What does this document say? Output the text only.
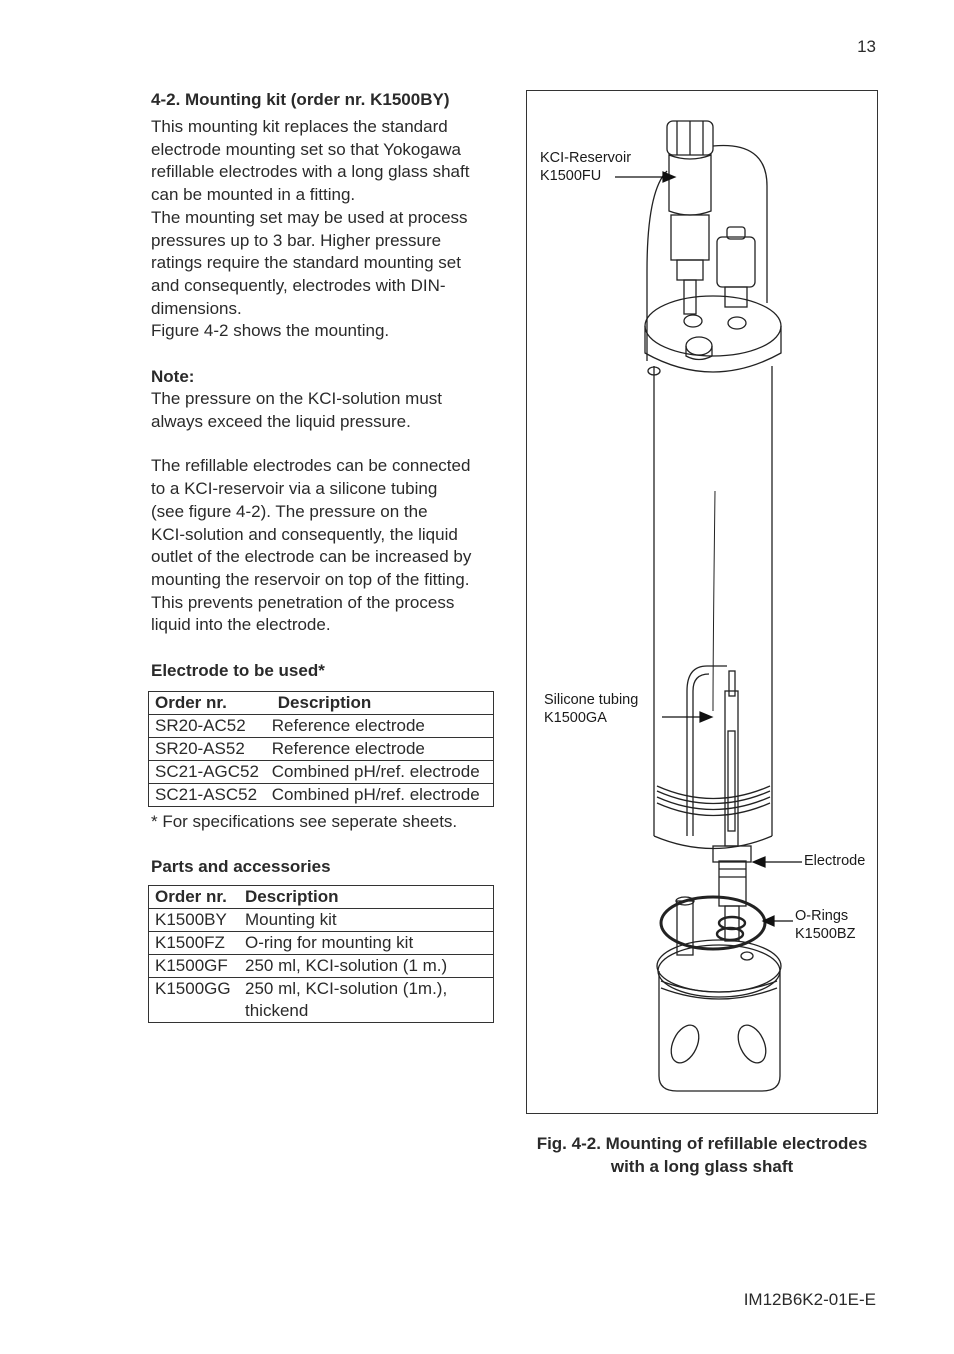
13
4-2. Mounting kit (order nr. K1500BY)

This mounting kit replaces the standard
electrode mounting set so that Yokogawa
refillable electrodes with a long glass shaft
can be mounted in a fitting.
The mounting set may be used at process
pressures up to 3 bar. Higher pressure
ratings require the standard mounting set
and consequently, electrodes with DIN-
dimensions.
Figure 4-2 shows the mounting.

Note:

The pressure on the KCI-solution must
always exceed the liquid pressure.

The refillable electrodes can be connected
to a KCI-reservoir via a silicone tubing
(see figure 4-2). The pressure on the
KCI-solution and consequently, the liquid
outlet of the electrode can be increased by
mounting the reservoir on top of the fitting.
This prevents penetration of the process
liquid into the electrode.

Electrode to be used*
Order nr.	Description
SR20-AC52	Reference electrode
SR20-AS52	Reference electrode
SC21-AGC52	Combined pH/ref. electrode
SC21-ASC52	Combined pH/ref. electrode
* For specifications see seperate sheets.
Parts and accessories
Order nr.	Description
K1500BY	Mounting kit
K1500FZ	O-ring for mounting kit
K1500GF	250 ml, KCI-solution (1 m.)
K1500GG	250 ml, KCI-solution (1m.),
thickend
KCI-Reservoir
K1500FU
Silicone tubing
K1500GA
Electrode
O-Rings
K1500BZ
Fig. 4-2. Mounting of refillable electrodes
with a long glass shaft
IM12B6K2-01E-E
